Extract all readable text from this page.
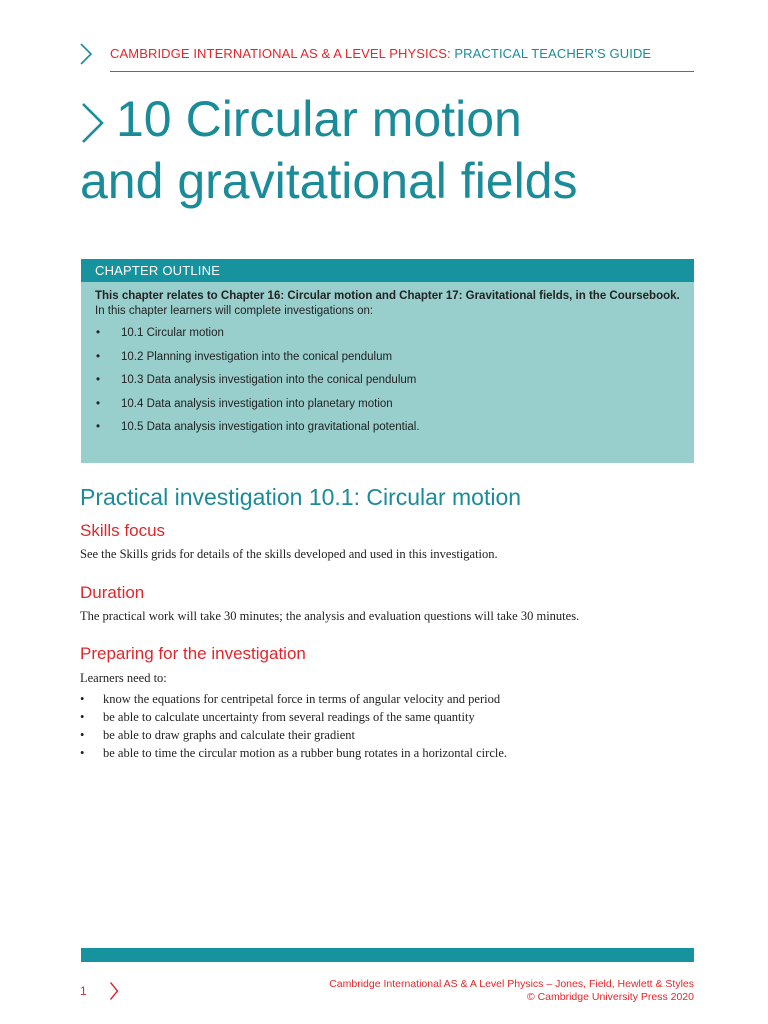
CAMBRIDGE INTERNATIONAL AS & A LEVEL PHYSICS: PRACTICAL TEACHER’S GUIDE
10 Circular motion
and gravitational fields
CHAPTER OUTLINE
This chapter relates to Chapter 16: Circular motion and Chapter 17: Gravitational fields, in the Coursebook.
In this chapter learners will complete investigations on:
• 10.1 Circular motion
• 10.2 Planning investigation into the conical pendulum
• 10.3 Data analysis investigation into the conical pendulum
• 10.4 Data analysis investigation into planetary motion
• 10.5 Data analysis investigation into gravitational potential.
Practical investigation 10.1: Circular motion
Skills focus
See the Skills grids for details of the skills developed and used in this investigation.
Duration
The practical work will take 30 minutes; the analysis and evaluation questions will take 30 minutes.
Preparing for the investigation
Learners need to:
• know the equations for centripetal force in terms of angular velocity and period
• be able to calculate uncertainty from several readings of the same quantity
• be able to draw graphs and calculate their gradient
• be able to time the circular motion as a rubber bung rotates in a horizontal circle.
1	Cambridge International AS & A Level Physics – Jones, Field, Hewlett & Styles
© Cambridge University Press 2020
